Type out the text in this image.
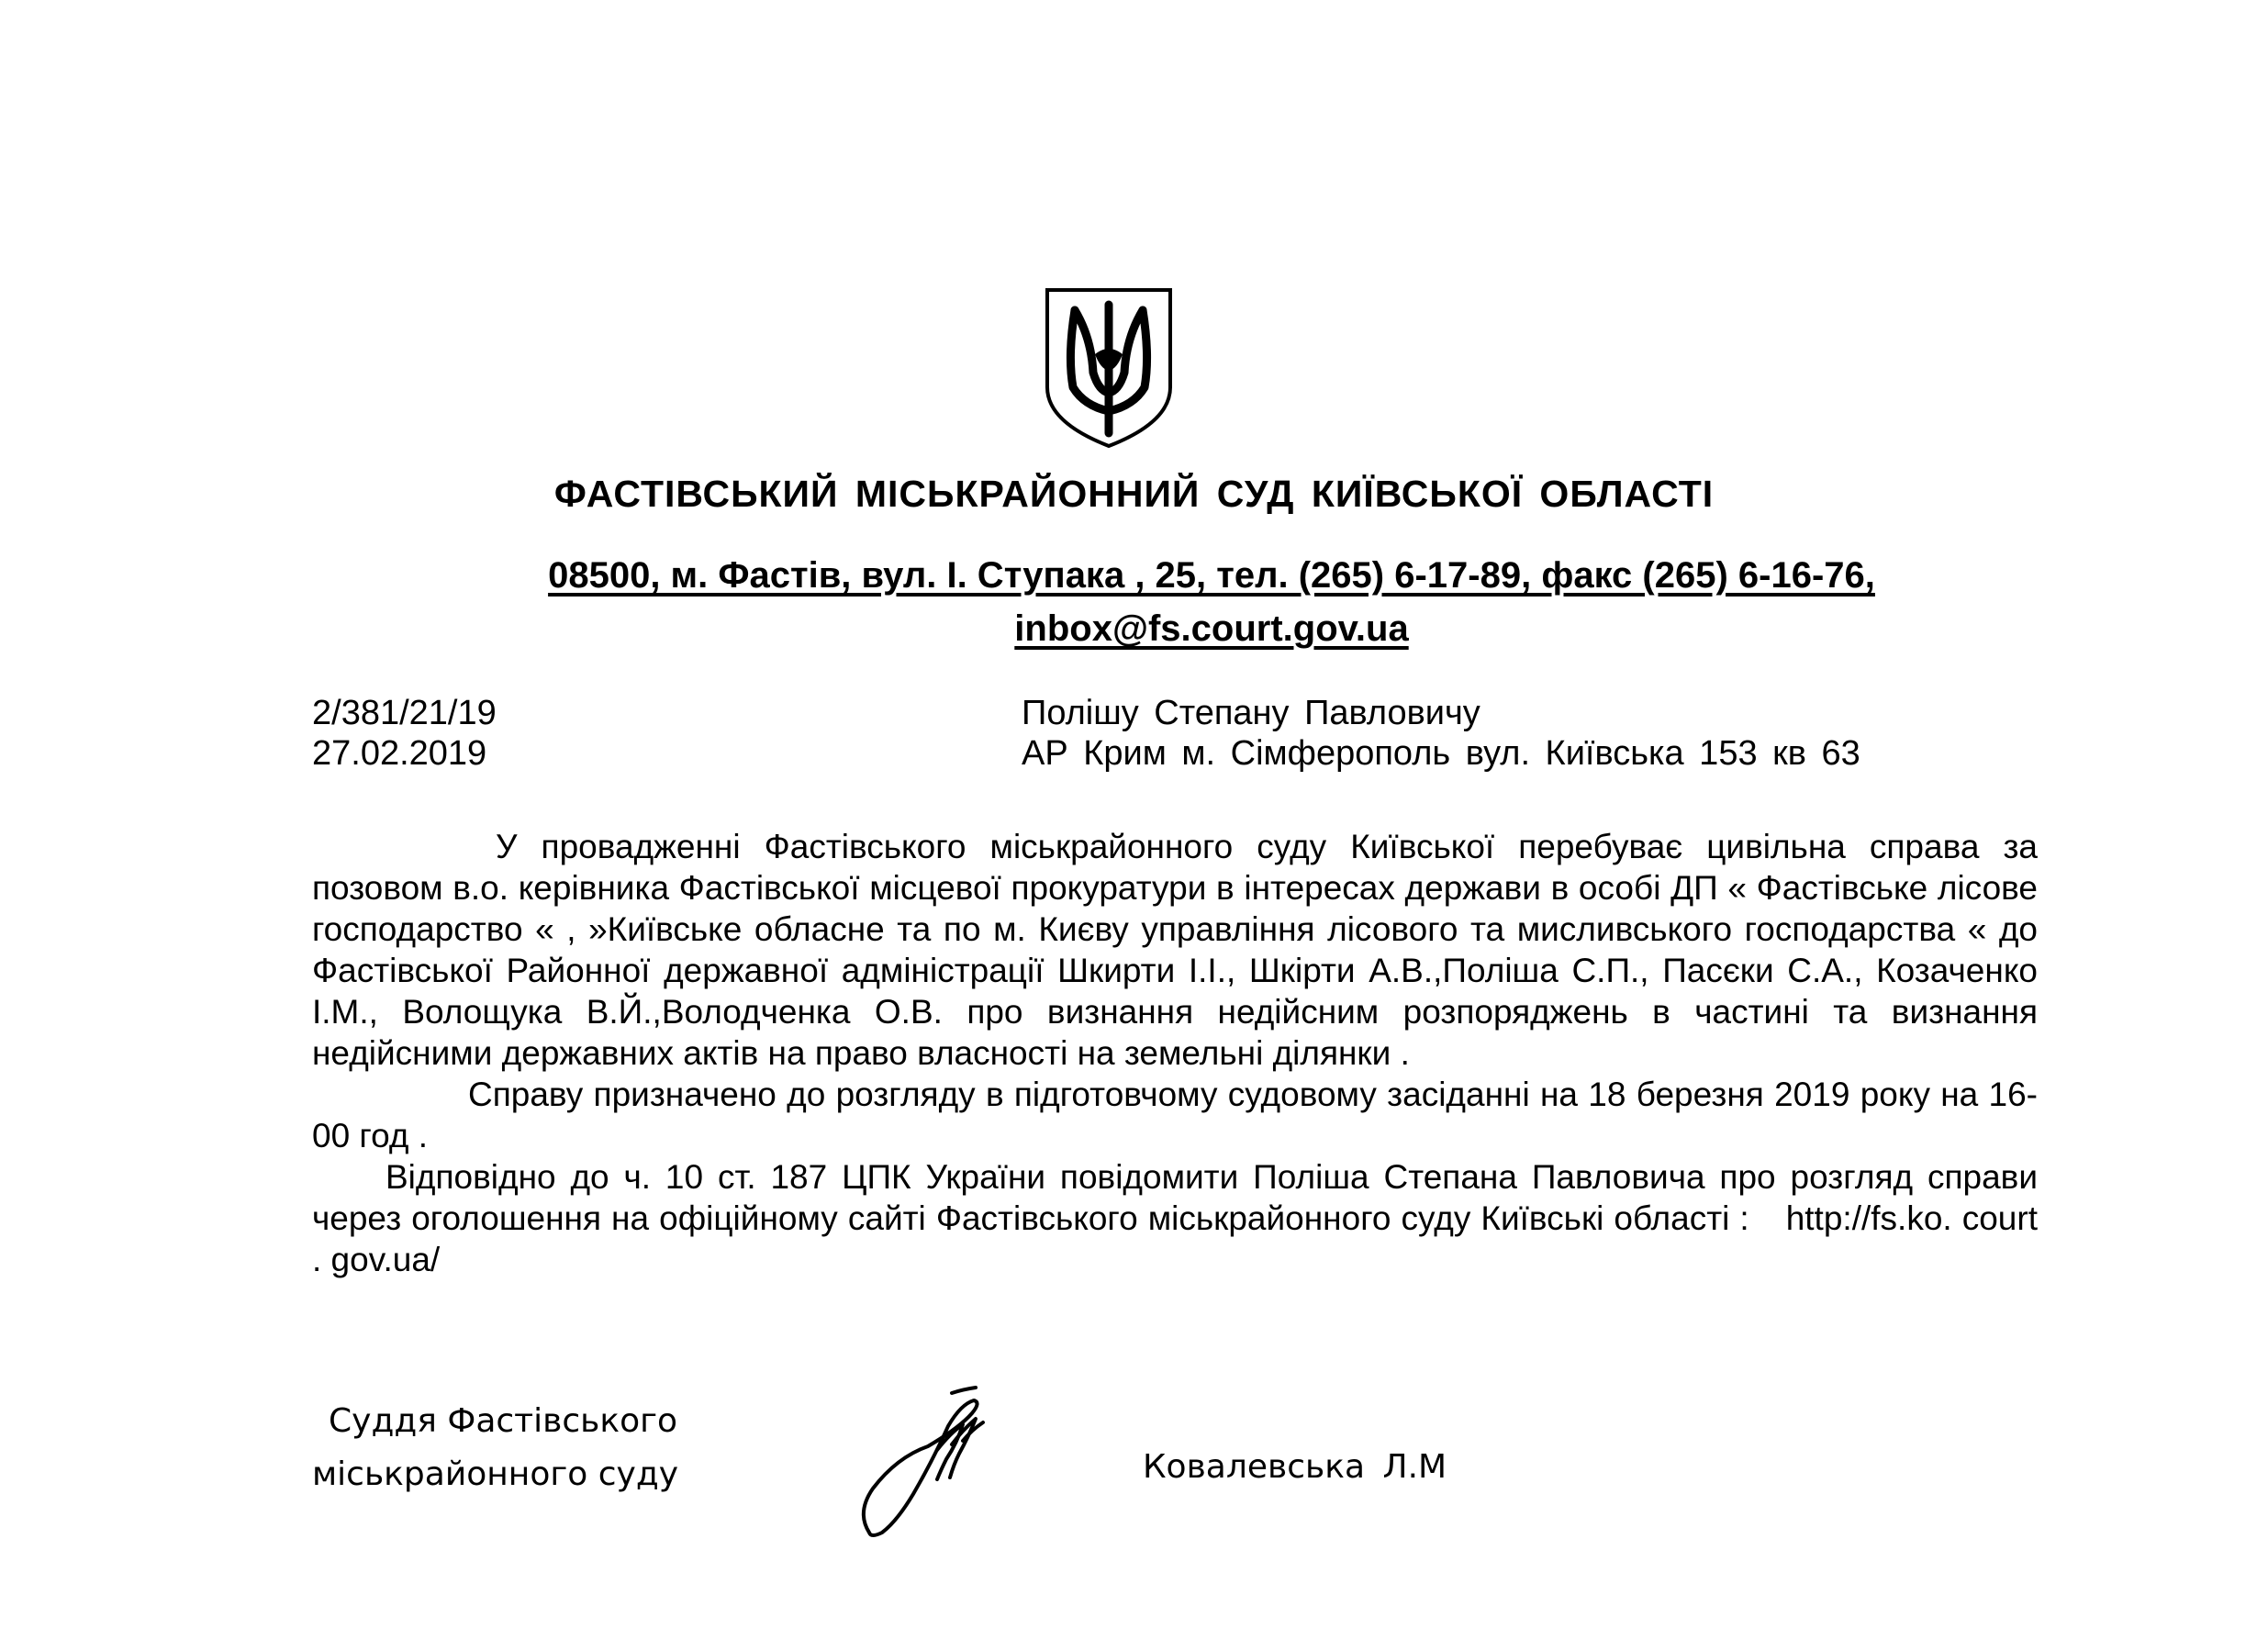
ФАСТІВСЬКИЙ МІСЬКРАЙОННИЙ СУД КИЇВСЬКОЇ ОБЛАСТІ
08500, м. Фастів, вул. І. Ступака , 25, тел. (265) 6-17-89, факс (265) 6-16-76,
inbox@fs.court.gov.ua
2/381/21/19
27.02.2019
Полішу Степану Павловичу
АР Крим м. Сімферополь вул. Київська 153 кв 63

У провадженні Фастівського міськрайонного суду Київської перебуває цивільна справа за позовом в.о. керівника Фастівської місцевої прокуратури в інтересах держави в особі ДП « Фастівське лісове господарство « , »Київське обласне та по м. Києву управління лісового та мисливського господарства « до Фастівської Районної державної адміністрації Шкирти І.І., Шкірти А.В.,Поліша С.П., Пасєки С.А., Козаченко І.М., Волощука В.Й.,Володченка О.В. про визнання недійсним розпоряджень в частині та визнання недійсними державних актів на право власності на земельні ділянки .

Справу призначено до розгляду в підготовчому судовому засіданні на 18 березня 2019 року на 16-00 год .

Відповідно до ч. 10 ст. 187 ЦПК України повідомити Поліша Степана Павловича про розгляд справи через оголошення на офіційному сайті Фастівського міськрайонного суду Київські області : http://fs.ko. court . gov.ua/

Суддя Фастівського
міськрайонного суду	Ковалевська Л.М
